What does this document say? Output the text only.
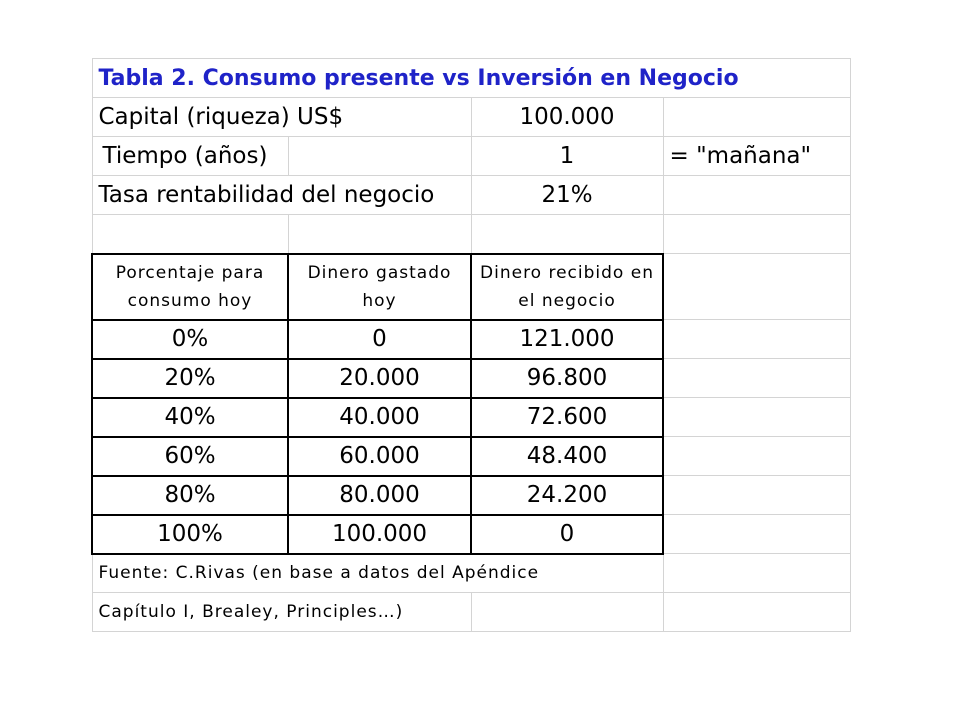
Tabla 2. Consumo presente vs Inversión en Negocio			
Capital (riqueza) US$		100.000	
Tiempo (años)		1	= "mañana"
Tasa rentabilidad del negocio		21%	

Porcentaje para consumo hoy	Dinero gastado hoy	Dinero recibido en el negocio	
0%	0	121.000	
20%	20.000	96.800	
40%	40.000	72.600	
60%	60.000	48.400	
80%	80.000	24.200	
100%	100.000	0	
Fuente: C.Rivas (en base a datos del Apéndice			
Capítulo I, Brealey, Principles…)			
